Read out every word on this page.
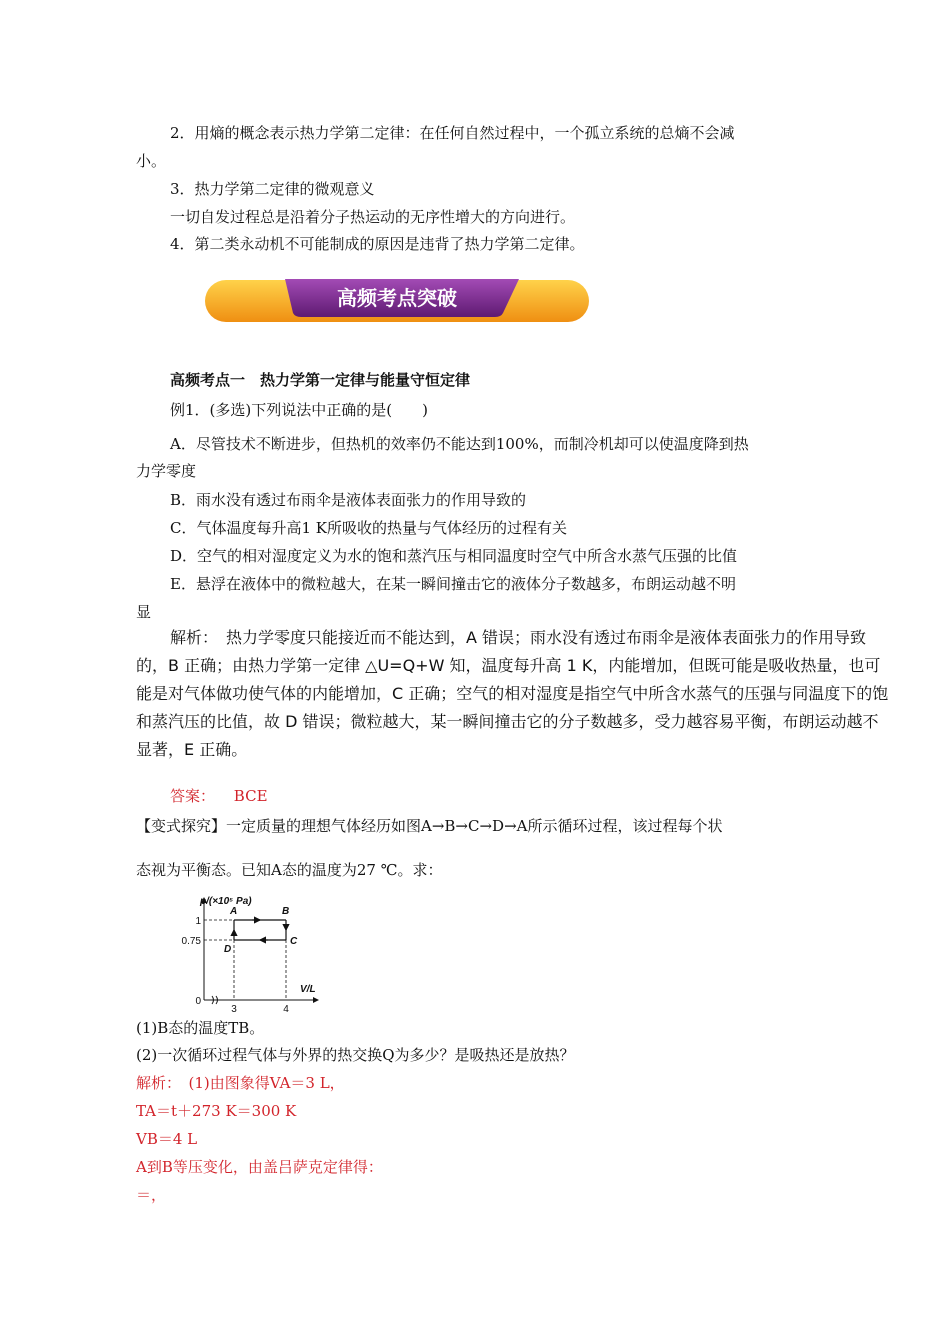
2．用熵的概念表示热力学第二定律：在任何自然过程中，一个孤立系统的总熵不会减
小。
3．热力学第二定律的微观意义
一切自发过程总是沿着分子热运动的无序性增大的方向进行。
4．第二类永动机不可能制成的原因是违背了热力学第二定律。
高频考点突破
高频考点一　热力学第一定律与能量守恒定律
例1．(多选)下列说法中正确的是(　　)
A．尽管技术不断进步，但热机的效率仍不能达到100%，而制冷机却可以使温度降到热
力学零度
B．雨水没有透过布雨伞是液体表面张力的作用导致的
C．气体温度每升高1 K所吸收的热量与气体经历的过程有关
D．空气的相对湿度定义为水的饱和蒸汽压与相同温度时空气中所含水蒸气压强的比值
E．悬浮在液体中的微粒越大，在某一瞬间撞击它的液体分子数越多，布朗运动越不明
显

解析：　热力学零度只能接近而不能达到，A 错误；雨水没有透过布雨伞是液体表面张力的作用导致

的，B 正确；由热力学第一定律 △U=Q+W 知，温度每升高 1 K，内能增加，但既可能是吸收热量，也可

能是对气体做功使气体的内能增加，C 正确；空气的相对湿度是指空气中所含水蒸气的压强与同温度下的饱

和蒸汽压的比值，故 D 错误；微粒越大，某一瞬间撞击它的分子数越多，受力越容易平衡，布朗运动越不

显著，E 正确。

答案： BCE
【变式探究】一定质量的理想气体经历如图A→B→C→D→A所示循环过程，该过程每个状
态视为平衡态。已知A态的温度为27 ℃。求：
p/(×10⁵ Pa)
V/L
A	B
C
D
1
0.75
3	4
0
(1)B态的温度TB。
(2)一次循环过程气体与外界的热交换Q为多少？是吸热还是放热？
解析：　(1)由图象得VA＝3 L，
TA＝t＋273 K＝300 K
VB＝4 L
A到B等压变化，由盖吕萨克定律得：
＝，
